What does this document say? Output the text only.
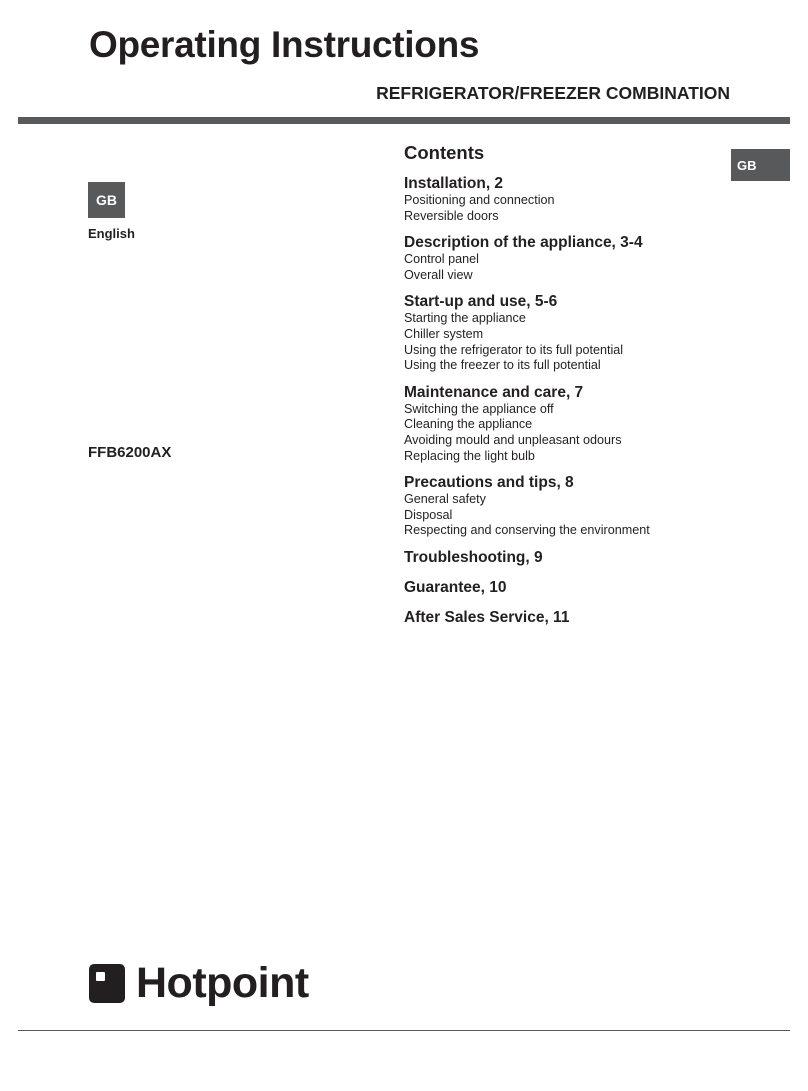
Operating Instructions
REFRIGERATOR/FREEZER COMBINATION
GB
English
FFB6200AX
GB
Contents

Installation, 2

Positioning and connection

Reversible doors

Description of the appliance, 3-4

Control panel

Overall view

Start-up and use, 5-6

Starting the appliance

Chiller system

Using the refrigerator to its full potential

Using the freezer to its full potential

Maintenance and care, 7

Switching the appliance off

Cleaning the appliance

Avoiding mould and unpleasant odours

Replacing the light bulb

Precautions and tips, 8

General safety

Disposal

Respecting and conserving the environment

Troubleshooting, 9

Guarantee, 10

After Sales Service, 11

Hotpoint
